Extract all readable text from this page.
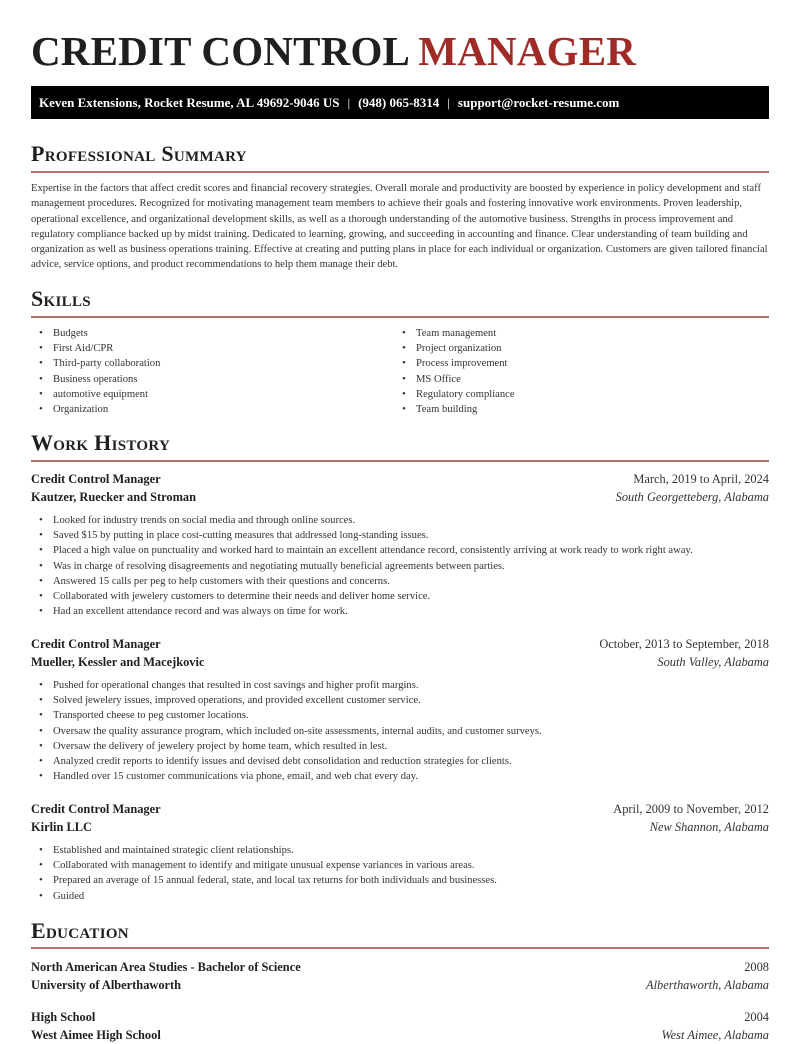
CREDIT CONTROL MANAGER
Keven Extensions, Rocket Resume, AL 49692-9046 US | (948) 065-8314 | support@rocket-resume.com
Professional Summary

Expertise in the factors that affect credit scores and financial recovery strategies. Overall morale and productivity are boosted by experience in policy development and staff management procedures. Recognized for motivating management team members to achieve their goals and fostering innovative work environments. Proven leadership, operational excellence, and organizational development skills, as well as a thorough understanding of the automotive business. Strengths in process improvement and regulatory compliance backed up by midst training. Dedicated to learning, growing, and succeeding in accounting and finance. Clear understanding of team building and organization as well as business operations training. Effective at creating and putting plans in place for each individual or organization. Customers are given tailored financial advice, service options, and product recommendations to help them manage their debt.

Skills
• Budgets
• First Aid/CPR
• Third-party collaboration
• Business operations
• automotive equipment
• Organization
• Team management
• Project organization
• Process improvement
• MS Office
• Regulatory compliance
• Team building
Work History
Credit Control Manager	March, 2019 to April, 2024
Kautzer, Ruecker and Stroman	South Georgetteberg, Alabama
• Looked for industry trends on social media and through online sources.
• Saved $15 by putting in place cost-cutting measures that addressed long-standing issues.
• Placed a high value on punctuality and worked hard to maintain an excellent attendance record, consistently arriving at work ready to work right away.
• Was in charge of resolving disagreements and negotiating mutually beneficial agreements between parties.
• Answered 15 calls per peg to help customers with their questions and concerns.
• Collaborated with jewelery customers to determine their needs and deliver home service.
• Had an excellent attendance record and was always on time for work.
Credit Control Manager	October, 2013 to September, 2018
Mueller, Kessler and Macejkovic	South Valley, Alabama
• Pushed for operational changes that resulted in cost savings and higher profit margins.
• Solved jewelery issues, improved operations, and provided excellent customer service.
• Transported cheese to peg customer locations.
• Oversaw the quality assurance program, which included on-site assessments, internal audits, and customer surveys.
• Oversaw the delivery of jewelery project by home team, which resulted in lest.
• Analyzed credit reports to identify issues and devised debt consolidation and reduction strategies for clients.
• Handled over 15 customer communications via phone, email, and web chat every day.
Credit Control Manager	April, 2009 to November, 2012
Kirlin LLC	New Shannon, Alabama
• Established and maintained strategic client relationships.
• Collaborated with management to identify and mitigate unusual expense variances in various areas.
• Prepared an average of 15 annual federal, state, and local tax returns for both individuals and businesses.
• Guided
Education
North American Area Studies - Bachelor of Science	2008
University of Alberthaworth	Alberthaworth, Alabama
High School	2004
West Aimee High School	West Aimee, Alabama
